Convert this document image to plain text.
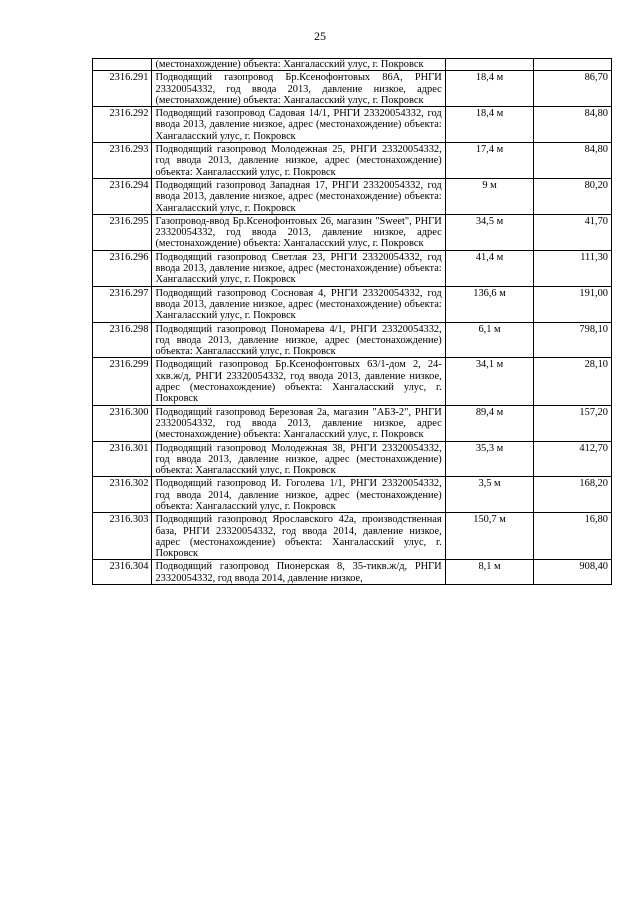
25

	(местонахождение) объекта: Хангаласский улус, г. Покровск		

2316.291	Подводящий газопровод Бр.Ксенофонтовых 86А, РНГИ 23320054332, год ввода 2013, давление низкое, адрес (местонахождение) объекта: Хангаласский улус, г. Покровск	18,4 м	86,70
2316.292	Подводящий газопровод Садовая 14/1, РНГИ 23320054332, год ввода 2013, давление низкое, адрес (местонахождение) объекта: Хангаласский улус, г. Покровск	18,4 м	84,80
2316.293	Подводящий газопровод Молодежная 25, РНГИ 23320054332, год ввода 2013, давление низкое, адрес (местонахождение) объекта: Хангаласский улус, г. Покровск	17,4 м	84,80
2316.294	Подводящий газопровод Западная 17, РНГИ 23320054332, год ввода 2013, давление низкое, адрес (местонахождение) объекта: Хангаласский улус, г. Покровск	9 м	80,20
2316.295	Газопровод-ввод Бр.Ксенофонтовых 26, магазин "Sweet", РНГИ 23320054332, год ввода 2013, давление низкое, адрес (местонахождение) объекта: Хангаласский улус, г. Покровск	34,5 м	41,70
2316.296	Подводящий газопровод Светлая 23, РНГИ 23320054332, год ввода 2013, давление низкое, адрес (местонахождение) объекта: Хангаласский улус, г. Покровск	41,4 м	111,30
2316.297	Подводящий газопровод Сосновая 4, РНГИ 23320054332, год ввода 2013, давление низкое, адрес (местонахождение) объекта: Хангаласский улус, г. Покровск	136,6 м	191,00
2316.298	Подводящий газопровод Пономарева 4/1, РНГИ 23320054332, год ввода 2013, давление низкое, адрес (местонахождение) объекта: Хангаласский улус, г. Покровск	6,1 м	798,10
2316.299	Подводящий газопровод Бр.Ксенофонтовых 63/1-дом 2, 24-хкв.ж/д, РНГИ 23320054332, год ввода 2013, давление низкое, адрес (местонахождение) объекта: Хангаласский улус, г. Покровск	34,1 м	28,10
2316.300	Подводящий газопровод Березовая 2а, магазин "АБЗ-2", РНГИ 23320054332, год ввода 2013, давление низкое, адрес (местонахождение) объекта: Хангаласский улус, г. Покровск	89,4 м	157,20
2316.301	Подводящий газопровод Молодежная 38, РНГИ 23320054332, год ввода 2013, давление низкое, адрес (местонахождение) объекта: Хангаласский улус, г. Покровск	35,3 м	412,70
2316.302	Подводящий газопровод И. Гоголева 1/1, РНГИ 23320054332, год ввода 2014, давление низкое, адрес (местонахождение) объекта: Хангаласский улус, г. Покровск	3,5 м	168,20
2316.303	Подводящий газопровод Ярославского 42а, производственная база, РНГИ 23320054332, год ввода 2014, давление низкое, адрес (местонахождение) объекта: Хангаласский улус, г. Покровск	150,7 м	16,80
2316.304	Подводящий газопровод Пионерская 8, 35-тикв.ж/д, РНГИ 23320054332, год ввода 2014, давление низкое,	8,1 м	908,40
